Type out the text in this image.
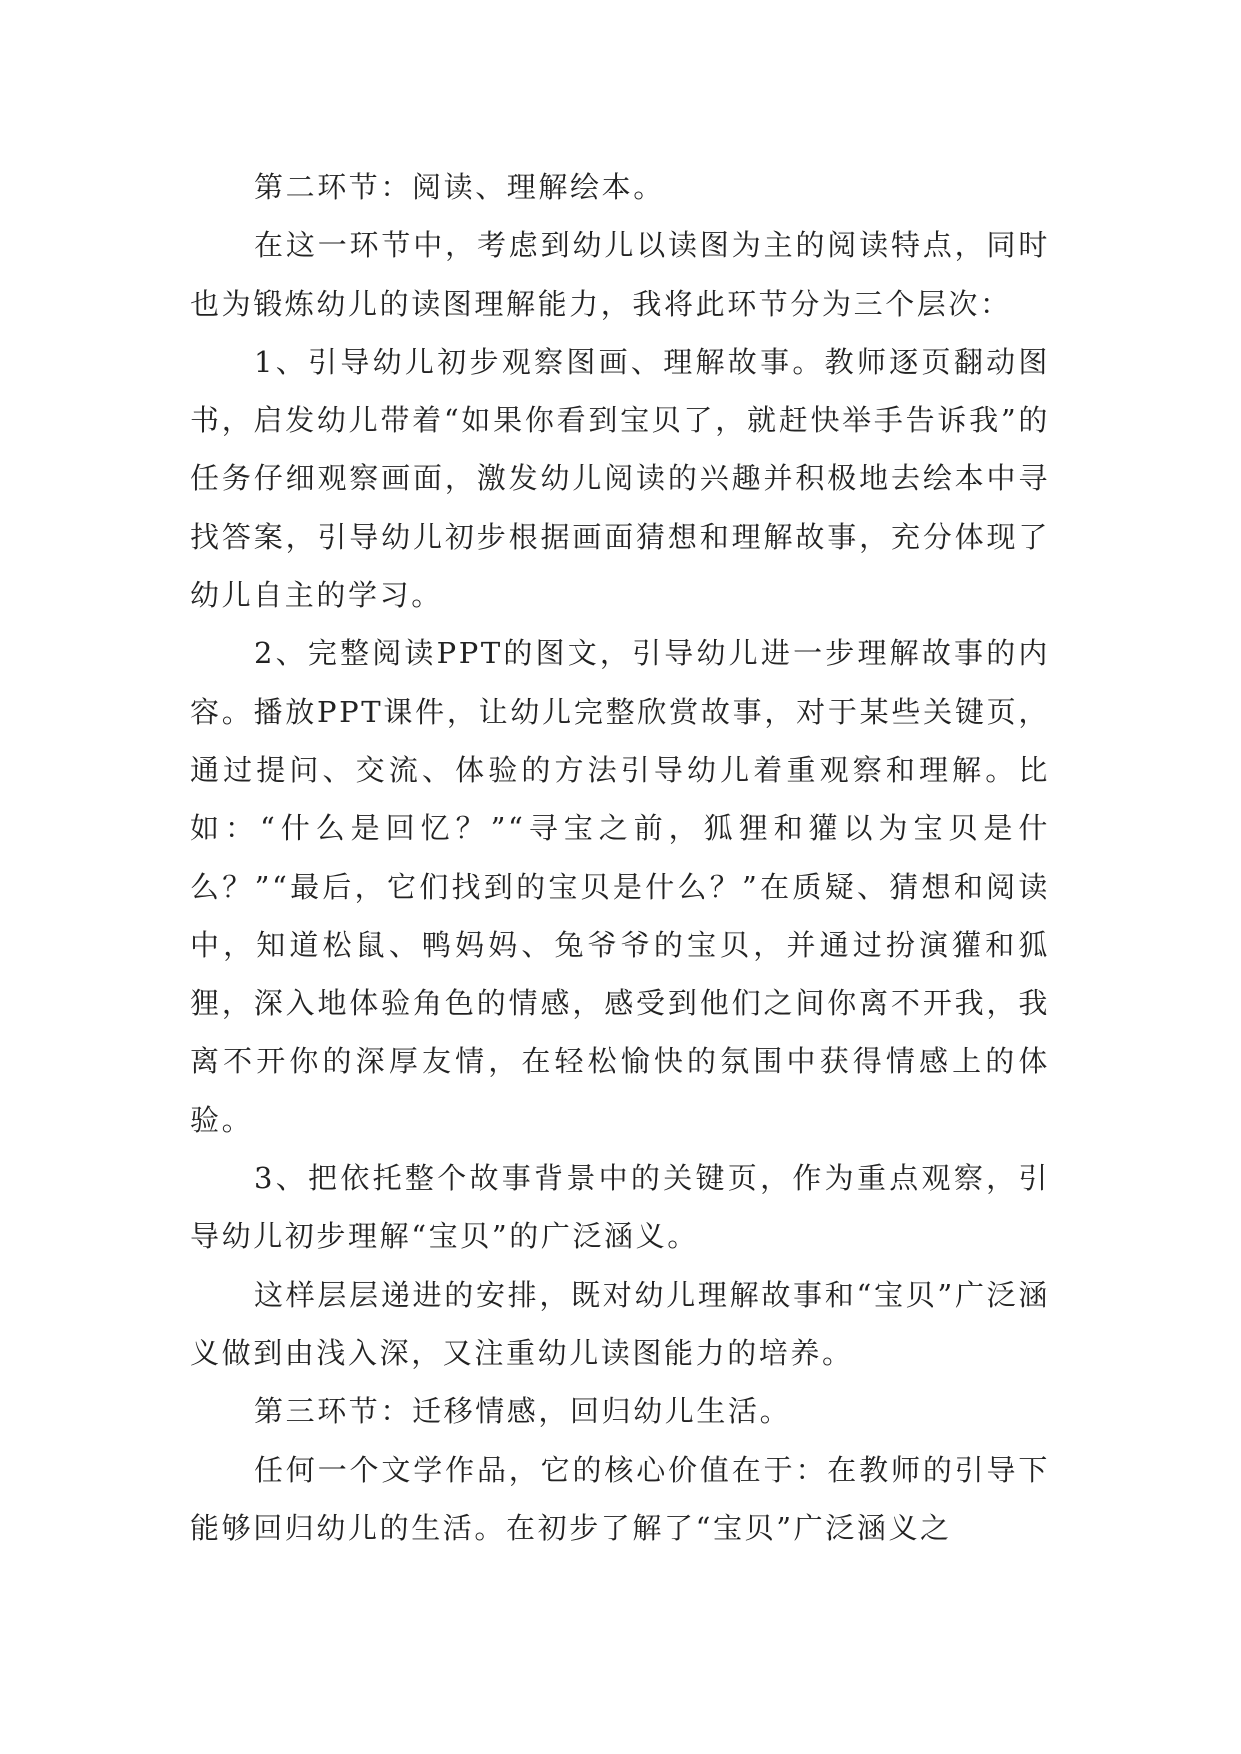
第二环节：阅读、理解绘本。

在这一环节中，考虑到幼儿以读图为主的阅读特点，同时也为锻炼幼儿的读图理解能力，我将此环节分为三个层次：

1、引导幼儿初步观察图画、理解故事。教师逐页翻动图书，启发幼儿带着“如果你看到宝贝了，就赶快举手告诉我”的任务仔细观察画面，激发幼儿阅读的兴趣并积极地去绘本中寻找答案，引导幼儿初步根据画面猜想和理解故事，充分体现了幼儿自主的学习。

2、完整阅读PPT的图文，引导幼儿进一步理解故事的内容。播放PPT课件，让幼儿完整欣赏故事，对于某些关键页，通过提问、交流、体验的方法引导幼儿着重观察和理解。比如：“什么是回忆？”“寻宝之前，狐狸和獾以为宝贝是什么？”“最后，它们找到的宝贝是什么？”在质疑、猜想和阅读中，知道松鼠、鸭妈妈、兔爷爷的宝贝，并通过扮演獾和狐狸，深入地体验角色的情感，感受到他们之间你离不开我，我离不开你的深厚友情，在轻松愉快的氛围中获得情感上的体验。

3、把依托整个故事背景中的关键页，作为重点观察，引导幼儿初步理解“宝贝”的广泛涵义。

这样层层递进的安排，既对幼儿理解故事和“宝贝”广泛涵义做到由浅入深，又注重幼儿读图能力的培养。

第三环节：迁移情感，回归幼儿生活。

任何一个文学作品，它的核心价值在于：在教师的引导下能够回归幼儿的生活。在初步了解了“宝贝”广泛涵义之
